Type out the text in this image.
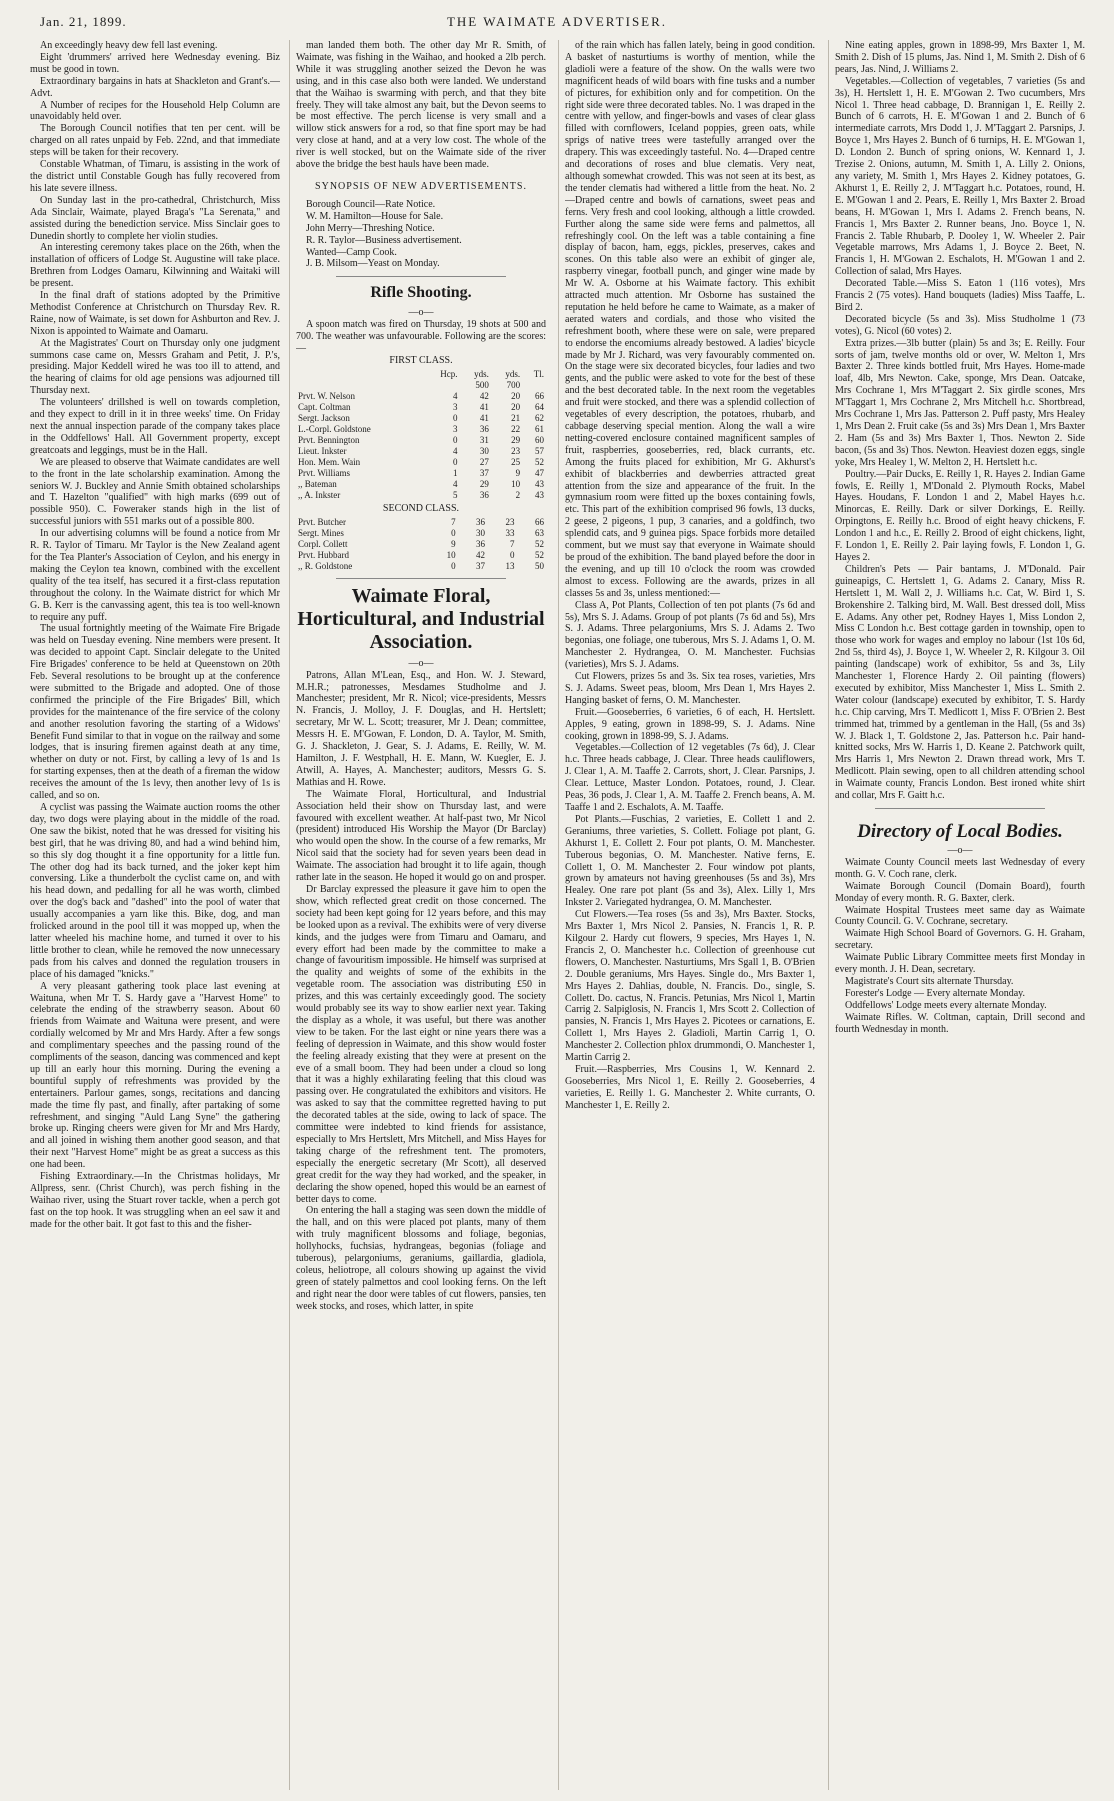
Jan. 21, 1899.	THE WAIMATE ADVERTISER.

An exceedingly heavy dew fell last evening.

Eight 'drummers' arrived here Wednesday evening. Biz must be good in town.

Extraordinary bargains in hats at Shackleton and Grant's.—Advt.

A Number of recipes for the Household Help Column are unavoidably held over.

The Borough Council notifies that ten per cent. will be charged on all rates unpaid by Feb. 22nd, and that immediate steps will be taken for their recovery.

Constable Whatman, of Timaru, is assisting in the work of the district until Constable Gough has fully recovered from his late severe illness.

On Sunday last in the pro-cathedral, Christchurch, Miss Ada Sinclair, Waimate, played Braga's "La Serenata," and assisted during the benediction service. Miss Sinclair goes to Dunedin shortly to complete her violin studies.

An interesting ceremony takes place on the 26th, when the installation of officers of Lodge St. Augustine will take place. Brethren from Lodges Oamaru, Kilwinning and Waitaki will be present.

In the final draft of stations adopted by the Primitive Methodist Conference at Christchurch on Thursday Rev. R. Raine, now of Waimate, is set down for Ashburton and Rev. J. Nixon is appointed to Waimate and Oamaru.

At the Magistrates' Court on Thursday only one judgment summons case came on, Messrs Graham and Petit, J. P.'s, presiding. Major Keddell wired he was too ill to attend, and the hearing of claims for old age pensions was adjourned till Thursday next.

The volunteers' drillshed is well on towards completion, and they expect to drill in it in three weeks' time. On Friday next the annual inspection parade of the company takes place in the Oddfellows' Hall. All Government property, except greatcoats and leggings, must be in the Hall.

We are pleased to observe that Waimate candidates are well to the front in the late scholarship examination. Among the seniors W. J. Buckley and Annie Smith obtained scholarships and T. Hazelton "qualified" with high marks (699 out of possible 950). C. Foweraker stands high in the list of successful juniors with 551 marks out of a possible 800.

In our advertising columns will be found a notice from Mr R. R. Taylor of Timaru. Mr Taylor is the New Zealand agent for the Tea Planter's Association of Ceylon, and his energy in making the Ceylon tea known, combined with the excellent quality of the tea itself, has secured it a first-class reputation throughout the colony. In the Waimate district for which Mr G. B. Kerr is the canvassing agent, this tea is too well-known to require any puff.

The usual fortnightly meeting of the Waimate Fire Brigade was held on Tuesday evening. Nine members were present. It was decided to appoint Capt. Sinclair delegate to the United Fire Brigades' conference to be held at Queenstown on 20th Feb. Several resolutions to be brought up at the conference were submitted to the Brigade and adopted. One of those confirmed the principle of the Fire Brigades' Bill, which provides for the maintenance of the fire service of the colony and another resolution favoring the starting of a Widows' Benefit Fund similar to that in vogue on the railway and some lodges, that is insuring firemen against death at any time, whether on duty or not. First, by calling a levy of 1s and 1s for starting expenses, then at the death of a fireman the widow receives the amount of the 1s levy, then another levy of 1s is called, and so on.

A cyclist was passing the Waimate auction rooms the other day, two dogs were playing about in the middle of the road. One saw the bikist, noted that he was dressed for visiting his best girl, that he was driving 80, and had a wind behind him, so this sly dog thought it a fine opportunity for a little fun. The other dog had its back turned, and the joker kept him conversing. Like a thunderbolt the cyclist came on, and with his head down, and pedalling for all he was worth, climbed over the dog's back and "dashed" into the pool of water that usually accompanies a yarn like this. Bike, dog, and man frolicked around in the pool till it was mopped up, when the latter wheeled his machine home, and turned it over to his little brother to clean, while he removed the now unnecessary pads from his calves and donned the regulation trousers in place of his damaged "knicks."

A very pleasant gathering took place last evening at Waituna, when Mr T. S. Hardy gave a "Harvest Home" to celebrate the ending of the strawberry season. About 60 friends from Waimate and Waituna were present, and were cordially welcomed by Mr and Mrs Hardy. After a few songs and complimentary speeches and the passing round of the compliments of the season, dancing was commenced and kept up till an early hour this morning. During the evening a bountiful supply of refreshments was provided by the entertainers. Parlour games, songs, recitations and dancing made the time fly past, and finally, after partaking of some refreshment, and singing "Auld Lang Syne" the gathering broke up. Ringing cheers were given for Mr and Mrs Hardy, and all joined in wishing them another good season, and that their next "Harvest Home" might be as great a success as this one had been.

Fishing Extraordinary.—In the Christmas holidays, Mr Allpress, senr. (Christ Church), was perch fishing in the Waihao river, using the Stuart rover tackle, when a perch got fast on the top hook. It was struggling when an eel saw it and made for the other bait. It got fast to this and the fisher-

man landed them both. The other day Mr R. Smith, of Waimate, was fishing in the Waihao, and hooked a 2lb perch. While it was struggling another seized the Devon he was using, and in this case also both were landed. We understand that the Waihao is swarming with perch, and that they bite freely. They will take almost any bait, but the Devon seems to be most effective. The perch license is very small and a willow stick answers for a rod, so that fine sport may be had very close at hand, and at a very low cost. The whole of the river is well stocked, but on the Waimate side of the river above the bridge the best hauls have been made.

SYNOPSIS OF NEW ADVERTISEMENTS.

Borough Council—Rate Notice.

W. M. Hamilton—House for Sale.

John Merry—Threshing Notice.

R. R. Taylor—Business advertisement.

Wanted—Camp Cook.

J. B. Milsom—Yeast on Monday.

Rifle Shooting.
—o—

A spoon match was fired on Thursday, 19 shots at 500 and 700. The weather was unfavourable. Following are the scores:—

FIRST CLASS.
	Hcp.	yds.	yds.	Tl.
		500	700	
Prvt. W. Nelson	4	42	20	66
Capt. Coltman	3	41	20	64
Sergt. Jackson	0	41	21	62
L.-Corpl. Goldstone	3	36	22	61
Prvt. Bennington	0	31	29	60
Lieut. Inkster	4	30	23	57
Hon. Mem. Wain	0	27	25	52
Prvt. Williams	1	37	9	47
,, Bateman	4	29	10	43
,, A. Inkster	5	36	2	43
SECOND CLASS.
Prvt. Butcher	7	36	23	66
Sergt. Mines	0	30	33	63
Corpl. Collett	9	36	7	52
Prvt. Hubbard	10	42	0	52
,, R. Goldstone	0	37	13	50
Waimate Floral, Horticultural, and Industrial Association.
—o—

Patrons, Allan M'Lean, Esq., and Hon. W. J. Steward, M.H.R.; patronesses, Mesdames Studholme and J. Manchester; president, Mr R. Nicol; vice-presidents, Messrs N. Francis, J. Molloy, J. F. Douglas, and H. Hertslett; secretary, Mr W. L. Scott; treasurer, Mr J. Dean; committee, Messrs H. E. M'Gowan, F. London, D. A. Taylor, M. Smith, G. J. Shackleton, J. Gear, S. J. Adams, E. Reilly, W. M. Hamilton, J. F. Westphall, H. E. Mann, W. Kuegler, E. J. Atwill, A. Hayes, A. Manchester; auditors, Messrs G. S. Mathias and H. Rowe.

The Waimate Floral, Horticultural, and Industrial Association held their show on Thursday last, and were favoured with excellent weather. At half-past two, Mr Nicol (president) introduced His Worship the Mayor (Dr Barclay) who would open the show. In the course of a few remarks, Mr Nicol said that the society had for seven years been dead in Waimate. The association had brought it to life again, though rather late in the season. He hoped it would go on and prosper.

Dr Barclay expressed the pleasure it gave him to open the show, which reflected great credit on those concerned. The society had been kept going for 12 years before, and this may be looked upon as a revival. The exhibits were of very diverse kinds, and the judges were from Timaru and Oamaru, and every effort had been made by the committee to make a change of favouritism impossible. He himself was surprised at the quality and weights of some of the exhibits in the vegetable room. The association was distributing £50 in prizes, and this was certainly exceedingly good. The society would probably see its way to show earlier next year. Taking the display as a whole, it was useful, but there was another view to be taken. For the last eight or nine years there was a feeling of depression in Waimate, and this show would foster the feeling already existing that they were at present on the eve of a small boom. They had been under a cloud so long that it was a highly exhilarating feeling that this cloud was passing over. He congratulated the exhibitors and visitors. He was asked to say that the committee regretted having to put the decorated tables at the side, owing to lack of space. The committee were indebted to kind friends for assistance, especially to Mrs Hertslett, Mrs Mitchell, and Miss Hayes for taking charge of the refreshment tent. The promoters, especially the energetic secretary (Mr Scott), all deserved great credit for the way they had worked, and the speaker, in declaring the show opened, hoped this would be an earnest of better days to come.

On entering the hall a staging was seen down the middle of the hall, and on this were placed pot plants, many of them with truly magnificent blossoms and foliage, begonias, hollyhocks, fuchsias, hydrangeas, begonias (foliage and tuberous), pelargoniums, geraniums, gaillardia, gladiola, coleus, heliotrope, all colours showing up against the vivid green of stately palmettos and cool looking ferns. On the left and right near the door were tables of cut flowers, pansies, ten week stocks, and roses, which latter, in spite

of the rain which has fallen lately, being in good condition. A basket of nasturtiums is worthy of mention, while the gladioli were a feature of the show. On the walls were two magnificent heads of wild boars with fine tusks and a number of pictures, for exhibition only and for competition. On the right side were three decorated tables. No. 1 was draped in the centre with yellow, and finger-bowls and vases of clear glass filled with cornflowers, Iceland poppies, green oats, while sprigs of native trees were tastefully arranged over the drapery. This was exceedingly tasteful. No. 4—Draped centre and decorations of roses and blue clematis. Very neat, although somewhat crowded. This was not seen at its best, as the tender clematis had withered a little from the heat. No. 2—Draped centre and bowls of carnations, sweet peas and ferns. Very fresh and cool looking, although a little crowded. Further along the same side were ferns and palmettos, all refreshingly cool. On the left was a table containing a fine display of bacon, ham, eggs, pickles, preserves, cakes and scones. On this table also were an exhibit of ginger ale, raspberry vinegar, football punch, and ginger wine made by Mr W. A. Osborne at his Waimate factory. This exhibit attracted much attention. Mr Osborne has sustained the reputation he held before he came to Waimate, as a maker of aerated waters and cordials, and those who visited the refreshment booth, where these were on sale, were prepared to endorse the encomiums already bestowed. A ladies' bicycle made by Mr J. Richard, was very favourably commented on. On the stage were six decorated bicycles, four ladies and two gents, and the public were asked to vote for the best of these and the best decorated table. In the next room the vegetables and fruit were stocked, and there was a splendid collection of vegetables of every description, the potatoes, rhubarb, and cabbage deserving special mention. Along the wall a wire netting-covered enclosure contained magnificent samples of fruit, raspberries, gooseberries, red, black currants, etc. Among the fruits placed for exhibition, Mr G. Akhurst's exhibit of blackberries and dewberries attracted great attention from the size and appearance of the fruit. In the gymnasium room were fitted up the boxes containing fowls, etc. This part of the exhibition comprised 96 fowls, 13 ducks, 2 geese, 2 pigeons, 1 pup, 3 canaries, and a goldfinch, two splendid cats, and 9 guinea pigs. Space forbids more detailed comment, but we must say that everyone in Waimate should be proud of the exhibition. The band played before the door in the evening, and up till 10 o'clock the room was crowded almost to excess. Following are the awards, prizes in all classes 5s and 3s, unless mentioned:—

Class A, Pot Plants, Collection of ten pot plants (7s 6d and 5s), Mrs S. J. Adams. Group of pot plants (7s 6d and 5s), Mrs S. J. Adams. Three pelargoniums, Mrs S. J. Adams 2. Two begonias, one foliage, one tuberous, Mrs S. J. Adams 1, O. M. Manchester 2. Hydrangea, O. M. Manchester. Fuchsias (varieties), Mrs S. J. Adams.

Cut Flowers, prizes 5s and 3s. Six tea roses, varieties, Mrs S. J. Adams. Sweet peas, bloom, Mrs Dean 1, Mrs Hayes 2. Hanging basket of ferns, O. M. Manchester.

Fruit.—Gooseberries, 6 varieties, 6 of each, H. Hertslett. Apples, 9 eating, grown in 1898-99, S. J. Adams. Nine cooking, grown in 1898-99, S. J. Adams.

Vegetables.—Collection of 12 vegetables (7s 6d), J. Clear h.c. Three heads cabbage, J. Clear. Three heads cauliflowers, J. Clear 1, A. M. Taaffe 2. Carrots, short, J. Clear. Parsnips, J. Clear. Lettuce, Master London. Potatoes, round, J. Clear. Peas, 36 pods, J. Clear 1, A. M. Taaffe 2. French beans, A. M. Taaffe 1 and 2. Eschalots, A. M. Taaffe.

Pot Plants.—Fuschias, 2 varieties, E. Collett 1 and 2. Geraniums, three varieties, S. Collett. Foliage pot plant, G. Akhurst 1, E. Collett 2. Four pot plants, O. M. Manchester. Tuberous begonias, O. M. Manchester. Native ferns, E. Collett 1, O. M. Manchester 2. Four window pot plants, grown by amateurs not having greenhouses (5s and 3s), Mrs Healey. One rare pot plant (5s and 3s), Alex. Lilly 1, Mrs Inkster 2. Variegated hydrangea, O. M. Manchester.

Cut Flowers.—Tea roses (5s and 3s), Mrs Baxter. Stocks, Mrs Baxter 1, Mrs Nicol 2. Pansies, N. Francis 1, R. P. Kilgour 2. Hardy cut flowers, 9 species, Mrs Hayes 1, N. Francis 2, O. Manchester h.c. Collection of greenhouse cut flowers, O. Manchester. Nasturtiums, Mrs Sgall 1, B. O'Brien 2. Double geraniums, Mrs Hayes. Single do., Mrs Baxter 1, Mrs Hayes 2. Dahlias, double, N. Francis. Do., single, S. Collett. Do. cactus, N. Francis. Petunias, Mrs Nicol 1, Martin Carrig 2. Salpiglosis, N. Francis 1, Mrs Scott 2. Collection of pansies, N. Francis 1, Mrs Hayes 2. Picotees or carnations, E. Collett 1, Mrs Hayes 2. Gladioli, Martin Carrig 1, O. Manchester 2. Collection phlox drummondi, O. Manchester 1, Martin Carrig 2.

Fruit.—Raspberries, Mrs Cousins 1, W. Kennard 2. Gooseberries, Mrs Nicol 1, E. Reilly 2. Gooseberries, 4 varieties, E. Reilly 1. G. Manchester 2. White currants, O. Manchester 1, E. Reilly 2.

Nine eating apples, grown in 1898-99, Mrs Baxter 1, M. Smith 2. Dish of 15 plums, Jas. Nind 1, M. Smith 2. Dish of 6 pears, Jas. Nind, J. Williams 2.

Vegetables.—Collection of vegetables, 7 varieties (5s and 3s), H. Hertslett 1, H. E. M'Gowan 2. Two cucumbers, Mrs Nicol 1. Three head cabbage, D. Brannigan 1, E. Reilly 2. Bunch of 6 carrots, H. E. M'Gowan 1 and 2. Bunch of 6 intermediate carrots, Mrs Dodd 1, J. M'Taggart 2. Parsnips, J. Boyce 1, Mrs Hayes 2. Bunch of 6 turnips, H. E. M'Gowan 1, D. London 2. Bunch of spring onions, W. Kennard 1, J. Trezise 2. Onions, autumn, M. Smith 1, A. Lilly 2. Onions, any variety, M. Smith 1, Mrs Hayes 2. Kidney potatoes, G. Akhurst 1, E. Reilly 2, J. M'Taggart h.c. Potatoes, round, H. E. M'Gowan 1 and 2. Pears, E. Reilly 1, Mrs Baxter 2. Broad beans, H. M'Gowan 1, Mrs I. Adams 2. French beans, N. Francis 1, Mrs Baxter 2. Runner beans, Jno. Boyce 1, N. Francis 2. Table Rhubarb, P. Dooley 1, W. Wheeler 2. Pair Vegetable marrows, Mrs Adams 1, J. Boyce 2. Beet, N. Francis 1, H. M'Gowan 2. Eschalots, H. M'Gowan 1 and 2. Collection of salad, Mrs Hayes.

Decorated Table.—Miss S. Eaton 1 (116 votes), Mrs Francis 2 (75 votes). Hand bouquets (ladies) Miss Taaffe, L. Bird 2.

Decorated bicycle (5s and 3s). Miss Studholme 1 (73 votes), G. Nicol (60 votes) 2.

Extra prizes.—3lb butter (plain) 5s and 3s; E. Reilly. Four sorts of jam, twelve months old or over, W. Melton 1, Mrs Baxter 2. Three kinds bottled fruit, Mrs Hayes. Home-made loaf, 4lb, Mrs Newton. Cake, sponge, Mrs Dean. Oatcake, Mrs Cochrane 1, Mrs M'Taggart 2. Six girdle scones, Mrs M'Taggart 1, Mrs Cochrane 2, Mrs Mitchell h.c. Shortbread, Mrs Cochrane 1, Mrs Jas. Patterson 2. Puff pasty, Mrs Healey 1, Mrs Dean 2. Fruit cake (5s and 3s) Mrs Dean 1, Mrs Baxter 2. Ham (5s and 3s) Mrs Baxter 1, Thos. Newton 2. Side bacon, (5s and 3s) Thos. Newton. Heaviest dozen eggs, single yoke, Mrs Healey 1, W. Melton 2, H. Hertslett h.c.

Poultry.—Pair Ducks, E. Reilly 1, R. Hayes 2. Indian Game fowls, E. Reilly 1, M'Donald 2. Plymouth Rocks, Mabel Hayes. Houdans, F. London 1 and 2, Mabel Hayes h.c. Minorcas, E. Reilly. Dark or silver Dorkings, E. Reilly. Orpingtons, E. Reilly h.c. Brood of eight heavy chickens, F. London 1 and h.c., E. Reilly 2. Brood of eight chickens, light, F. London 1, E. Reilly 2. Pair laying fowls, F. London 1, G. Hayes 2.

Children's Pets — Pair bantams, J. M'Donald. Pair guineapigs, C. Hertslett 1, G. Adams 2. Canary, Miss R. Hertslett 1, M. Wall 2, J. Williams h.c. Cat, W. Bird 1, S. Brokenshire 2. Talking bird, M. Wall. Best dressed doll, Miss E. Adams. Any other pet, Rodney Hayes 1, Miss London 2, Miss C London h.c. Best cottage garden in township, open to those who work for wages and employ no labour (1st 10s 6d, 2nd 5s, third 4s), J. Boyce 1, W. Wheeler 2, R. Kilgour 3. Oil painting (landscape) work of exhibitor, 5s and 3s, Lily Manchester 1, Florence Hardy 2. Oil painting (flowers) executed by exhibitor, Miss Manchester 1, Miss L. Smith 2. Water colour (landscape) executed by exhibitor, T. S. Hardy h.c. Chip carving, Mrs T. Medlicott 1, Miss F. O'Brien 2. Best trimmed hat, trimmed by a gentleman in the Hall, (5s and 3s) W. J. Black 1, T. Goldstone 2, Jas. Patterson h.c. Pair hand-knitted socks, Mrs W. Harris 1, D. Keane 2. Patchwork quilt, Mrs Harris 1, Mrs Newton 2. Drawn thread work, Mrs T. Medlicott. Plain sewing, open to all children attending school in Waimate county, Francis London. Best ironed white shirt and collar, Mrs F. Gaitt h.c.

Directory of Local Bodies.
—o—

Waimate County Council meets last Wednesday of every month. G. V. Coch rane, clerk.

Waimate Borough Council (Domain Board), fourth Monday of every month. R. G. Baxter, clerk.

Waimate Hospital Trustees meet same day as Waimate County Council. G. V. Cochrane, secretary.

Waimate High School Board of Governors. G. H. Graham, secretary.

Waimate Public Library Committee meets first Monday in every month. J. H. Dean, secretary.

Magistrate's Court sits alternate Thursday.

Forester's Lodge — Every alternate Monday.

Oddfellows' Lodge meets every alternate Monday.

Waimate Rifles. W. Coltman, captain, Drill second and fourth Wednesday in month.
